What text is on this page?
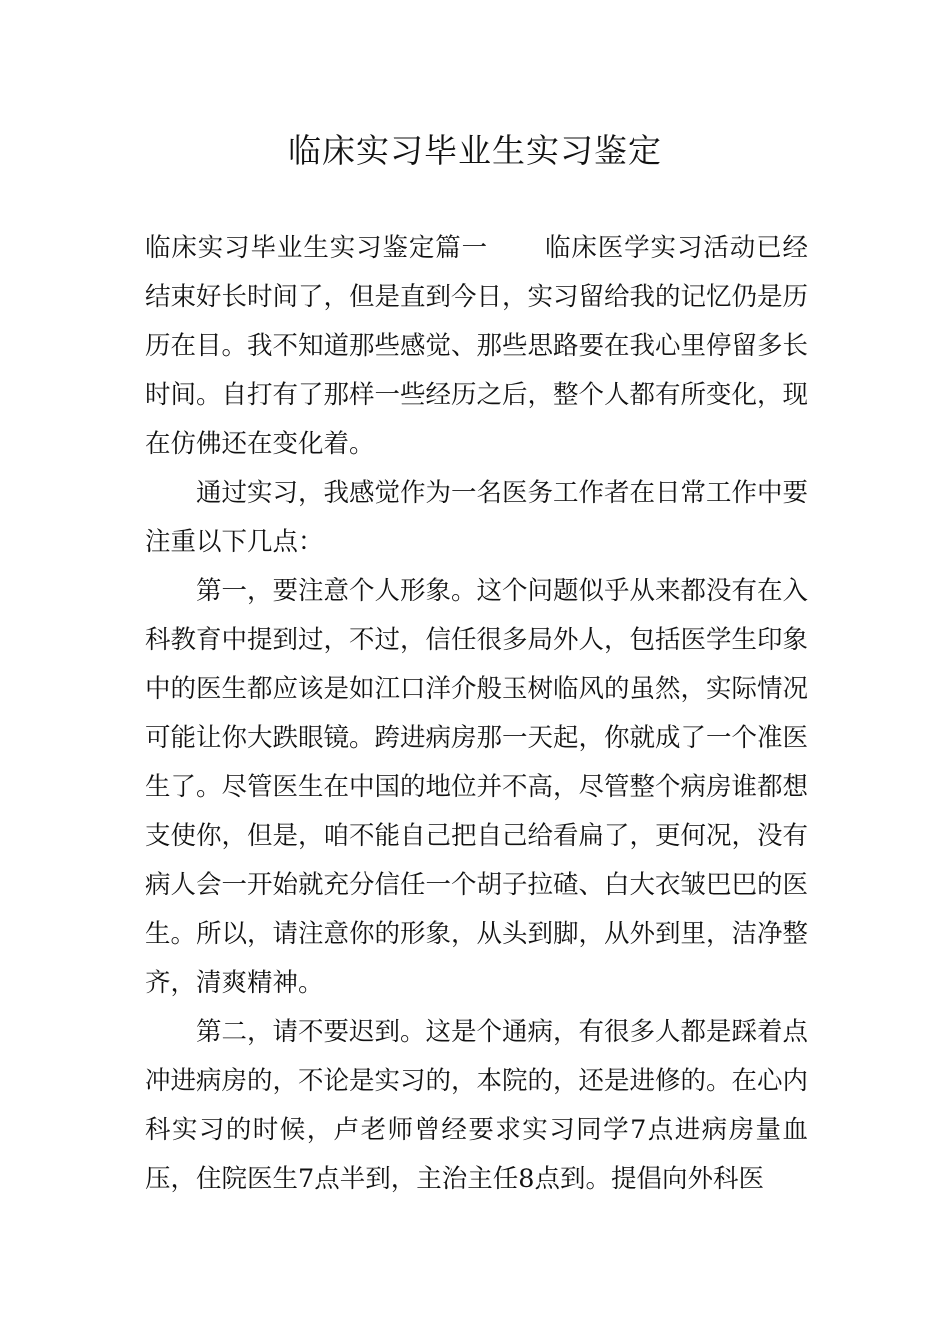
临床实习毕业生实习鉴定

临床实习毕业生实习鉴定篇一 临床医学实习活动已经结束好长时间了，但是直到今日，实习留给我的记忆仍是历历在目。我不知道那些感觉、那些思路要在我心里停留多长时间。自打有了那样一些经历之后，整个人都有所变化，现在仿佛还在变化着。

通过实习，我感觉作为一名医务工作者在日常工作中要注重以下几点：

第一，要注意个人形象。这个问题似乎从来都没有在入科教育中提到过，不过，信任很多局外人，包括医学生印象中的医生都应该是如江口洋介般玉树临风的虽然，实际情况可能让你大跌眼镜。跨进病房那一天起，你就成了一个准医生了。尽管医生在中国的地位并不高，尽管整个病房谁都想支使你，但是，咱不能自己把自己给看扁了，更何况，没有病人会一开始就充分信任一个胡子拉碴、白大衣皱巴巴的医生。所以，请注意你的形象，从头到脚，从外到里，洁净整齐，清爽精神。

第二，请不要迟到。这是个通病，有很多人都是踩着点冲进病房的，不论是实习的，本院的，还是进修的。在心内科实习的时候，卢老师曾经要求实习同学7点进病房量血压，住院医生7点半到，主治主任8点到。提倡向外科医
